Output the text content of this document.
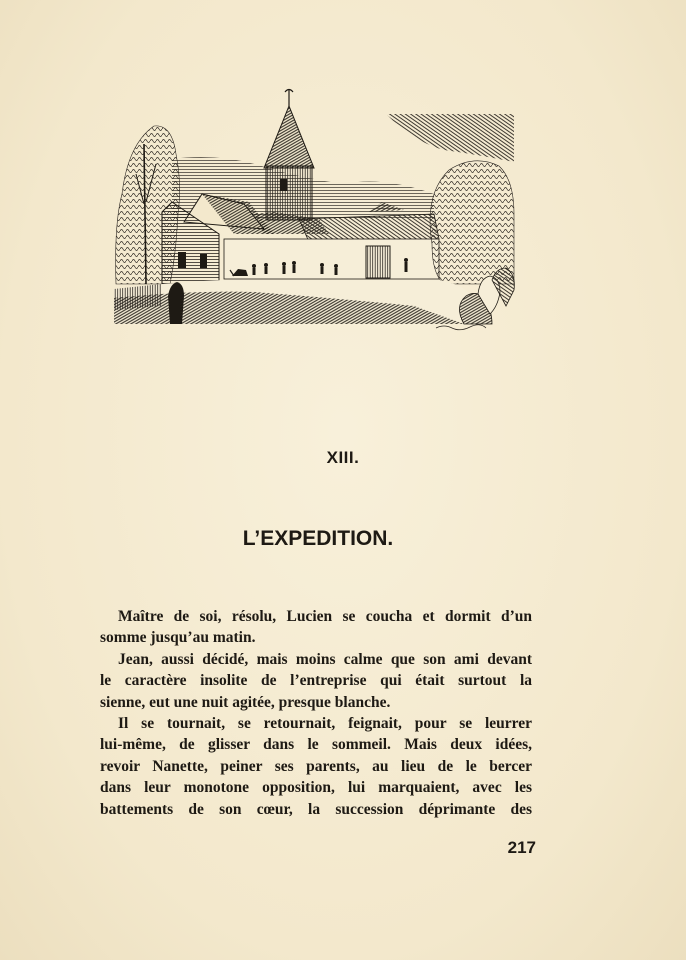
XIII.
L’EXPEDITION.

Maître de soi, résolu, Lucien se coucha et dormit d’un
somme jusqu’au matin.

Jean, aussi décidé, mais moins calme que son ami devant
le caractère insolite de l’entreprise qui était surtout la
sienne, eut une nuit agitée, presque blanche.

Il se tournait, se retournait, feignait, pour se leurrer
lui-même, de glisser dans le sommeil. Mais deux idées,
revoir Nanette, peiner ses parents, au lieu de le bercer
dans leur monotone opposition, lui marquaient, avec les
battements de son cœur, la succession déprimante des

217
